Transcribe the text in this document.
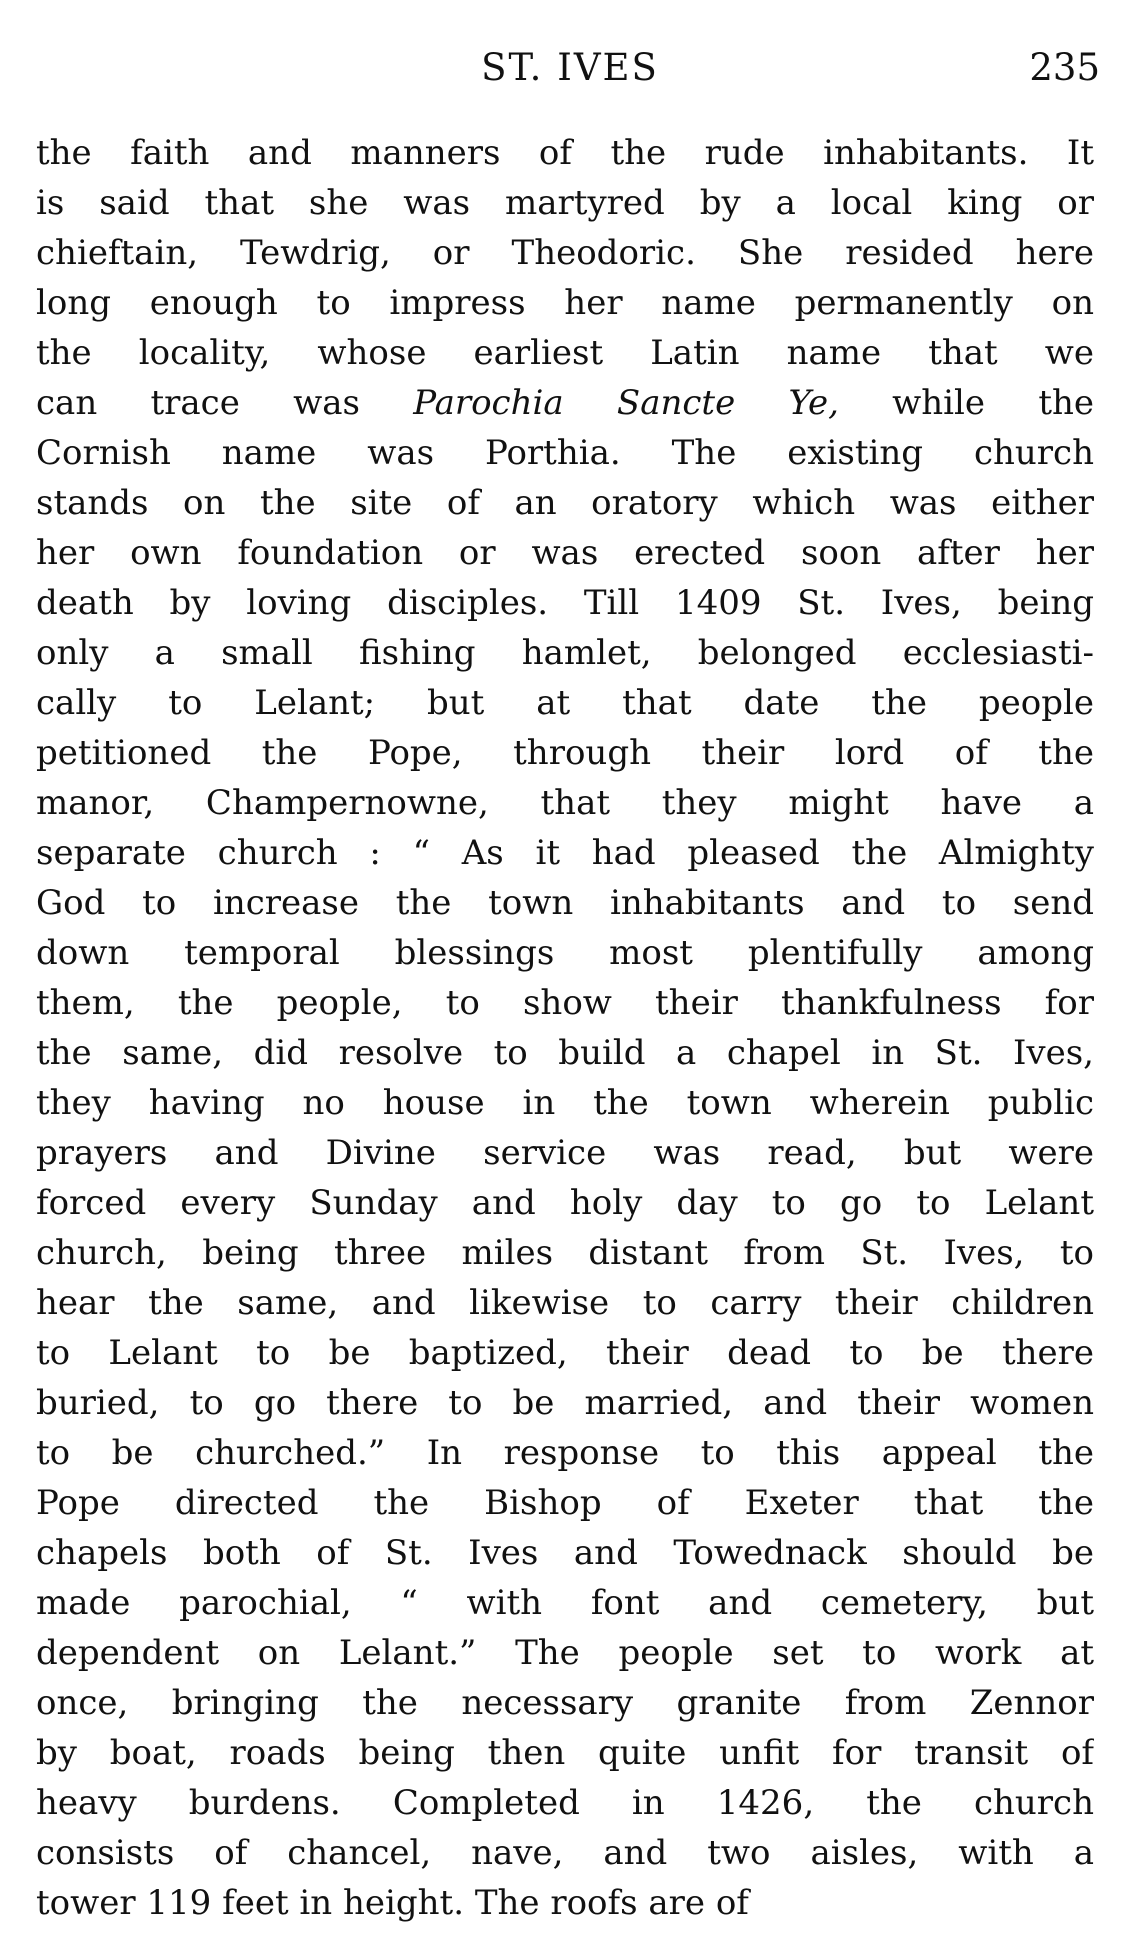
ST. IVES	235
the faith and manners of the rude inhabitants. It
is said that she was martyred by a local king or
chieftain, Tewdrig, or Theodoric. She resided here
long enough to impress her name permanently on
the locality, whose earliest Latin name that we
can trace was Parochia Sancte Ye, while the
Cornish name was Porthia. The existing church
stands on the site of an oratory which was either
her own foundation or was erected soon after her
death by loving disciples. Till 1409 St. Ives, being
only a small fishing hamlet, belonged ecclesiasti-
cally to Lelant; but at that date the people
petitioned the Pope, through their lord of the
manor, Champernowne, that they might have a
separate church : “ As it had pleased the Almighty
God to increase the town inhabitants and to send
down temporal blessings most plentifully among
them, the people, to show their thankfulness for
the same, did resolve to build a chapel in St. Ives,
they having no house in the town wherein public
prayers and Divine service was read, but were
forced every Sunday and holy day to go to Lelant
church, being three miles distant from St. Ives, to
hear the same, and likewise to carry their children
to Lelant to be baptized, their dead to be there
buried, to go there to be married, and their women
to be churched.” In response to this appeal the
Pope directed the Bishop of Exeter that the
chapels both of St. Ives and Towednack should be
made parochial, “ with font and cemetery, but
dependent on Lelant.” The people set to work at
once, bringing the necessary granite from Zennor
by boat, roads being then quite unfit for transit of
heavy burdens. Completed in 1426, the church
consists of chancel, nave, and two aisles, with a
tower 119 feet in height. The roofs are of
